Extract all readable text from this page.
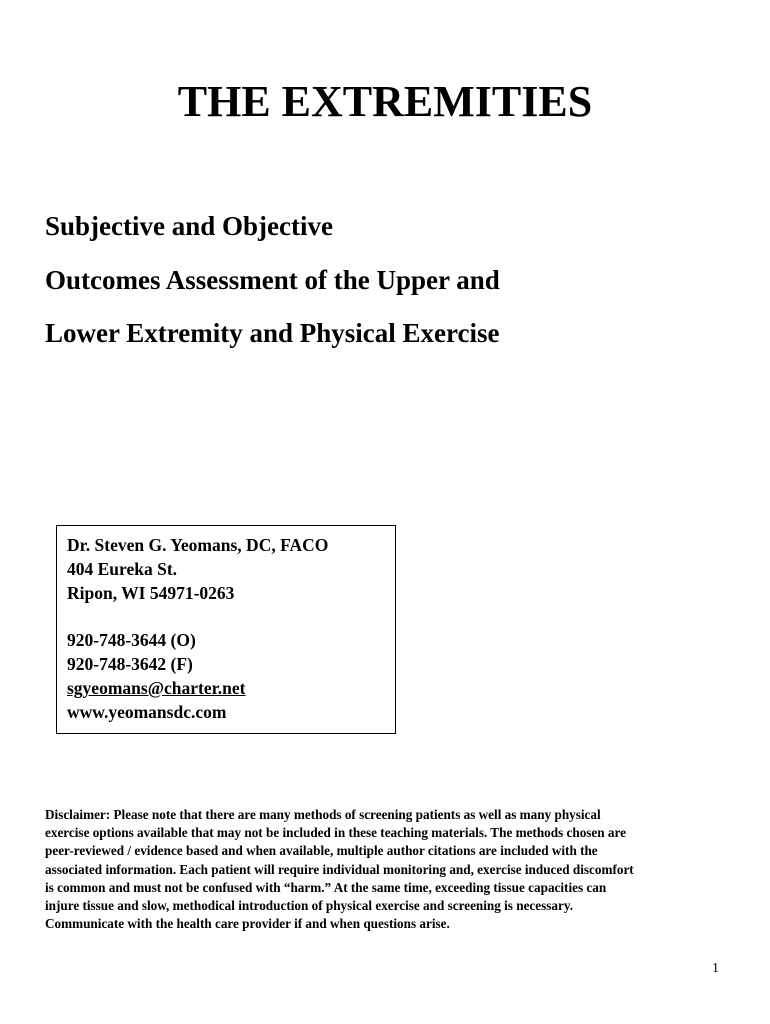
THE EXTREMITIES

Subjective and Objective

Outcomes Assessment of the Upper and

Lower Extremity and Physical Exercise

Dr. Steven G. Yeomans, DC, FACO
404 Eureka St.
Ripon, WI 54971-0263
920-748-3644 (O)
920-748-3642 (F)
sgyeomans@charter.net
www.yeomansdc.com

Disclaimer: Please note that there are many methods of screening patients as well as many physical
exercise options available that may not be included in these teaching materials. The methods chosen are
peer-reviewed / evidence based and when available, multiple author citations are included with the
associated information. Each patient will require individual monitoring and, exercise induced discomfort
is common and must not be confused with “harm.” At the same time, exceeding tissue capacities can
injure tissue and slow, methodical introduction of physical exercise and screening is necessary.
Communicate with the health care provider if and when questions arise.

1
